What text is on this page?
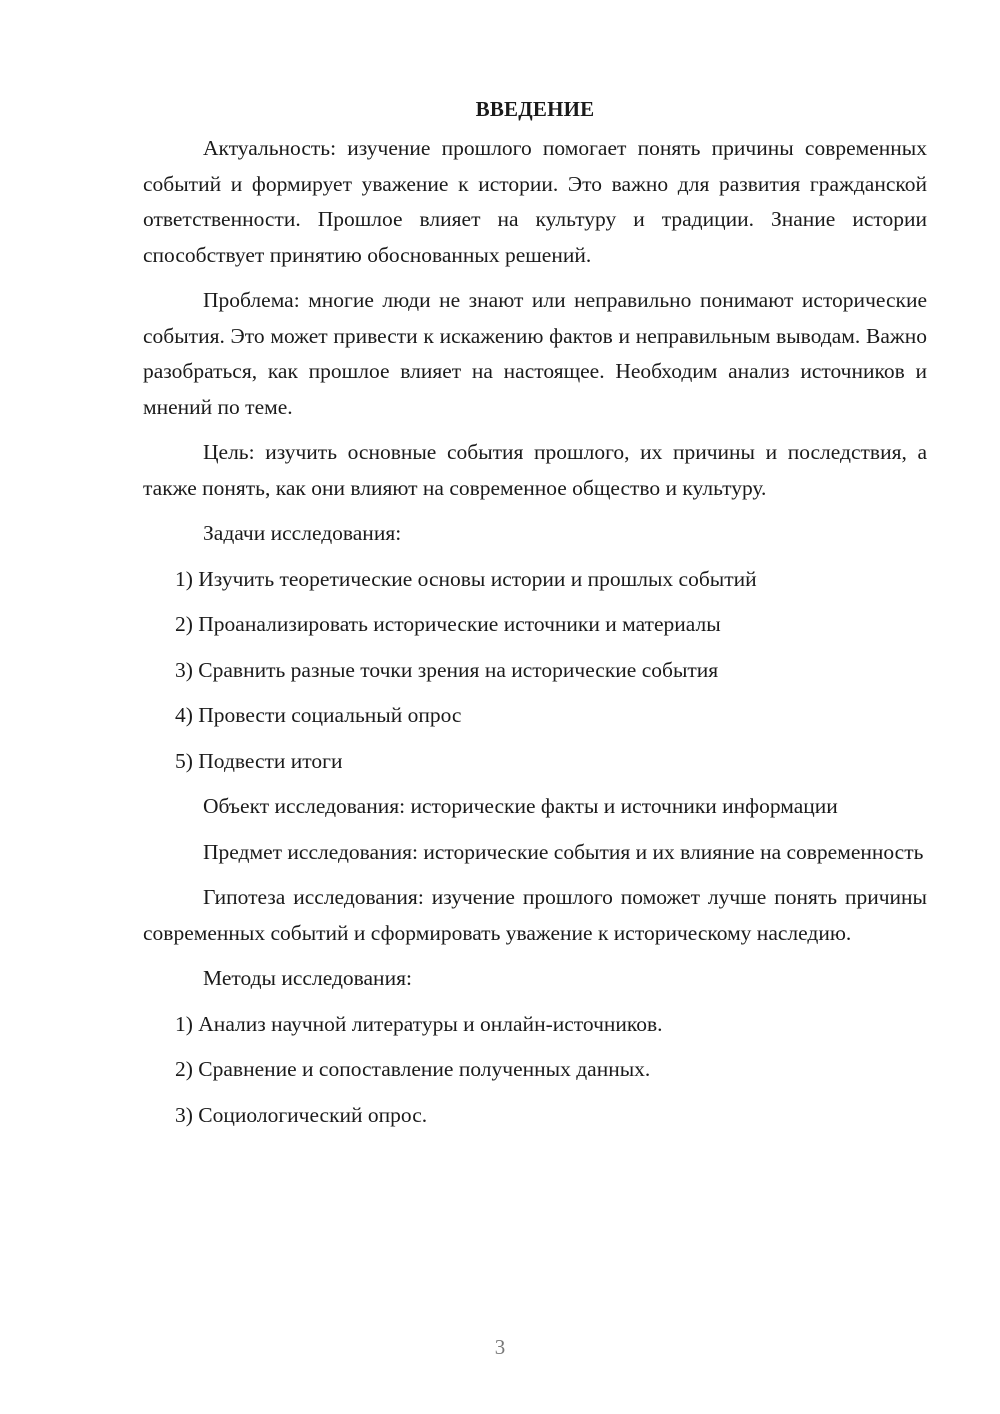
ВВЕДЕНИЕ

Актуальность: изучение прошлого помогает понять причины современных событий и формирует уважение к истории. Это важно для развития гражданской ответственности. Прошлое влияет на культуру и традиции. Знание истории способствует принятию обоснованных решений.

Проблема: многие люди не знают или неправильно понимают исторические события. Это может привести к искажению фактов и неправильным выводам. Важно разобраться, как прошлое влияет на настоящее. Необходим анализ источников и мнений по теме.

Цель: изучить основные события прошлого, их причины и последствия, а также понять, как они влияют на современное общество и культуру.

Задачи исследования:

1) Изучить теоретические основы истории и прошлых событий
2) Проанализировать исторические источники и материалы
3) Сравнить разные точки зрения на исторические события
4) Провести социальный опрос
5) Подвести итоги

Объект исследования: исторические факты и источники информации

Предмет исследования: исторические события и их влияние на современность

Гипотеза исследования: изучение прошлого поможет лучше понять причины современных событий и сформировать уважение к историческому наследию.

Методы исследования:

1) Анализ научной литературы и онлайн-источников.
2) Сравнение и сопоставление полученных данных.
3) Социологический опрос.
3
